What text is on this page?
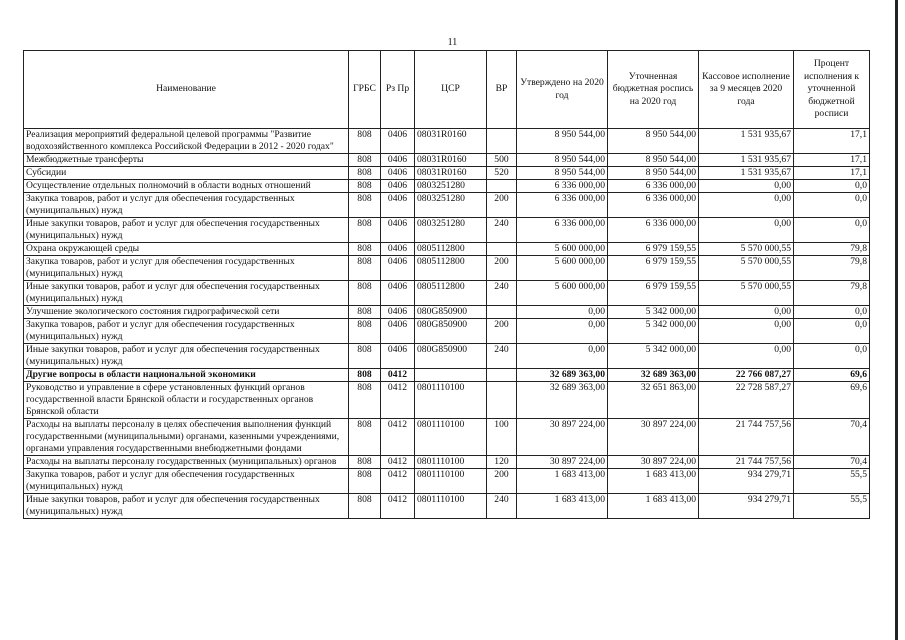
11
Наименование	ГРБС	Рз Пр	ЦСР	ВР	Утверждено на 2020 год	Уточненная бюджетная роспись на 2020 год	Кассовое исполнение за 9 месяцев 2020 года	Процент исполнения к уточненной бюджетной росписи
Реализация мероприятий федеральной целевой программы "Развитие водохозяйственного комплекса Российской Федерации в 2012 - 2020 годах"	808	0406	08031R0160		8 950 544,00	8 950 544,00	1 531 935,67	17,1
Межбюджетные трансферты	808	0406	08031R0160	500	8 950 544,00	8 950 544,00	1 531 935,67	17,1
Субсидии	808	0406	08031R0160	520	8 950 544,00	8 950 544,00	1 531 935,67	17,1
Осуществление отдельных полномочий в области водных отношений	808	0406	0803251280		6 336 000,00	6 336 000,00	0,00	0,0
Закупка товаров, работ и услуг для обеспечения государственных (муниципальных) нужд	808	0406	0803251280	200	6 336 000,00	6 336 000,00	0,00	0,0
Иные закупки товаров, работ и услуг для обеспечения государственных (муниципальных) нужд	808	0406	0803251280	240	6 336 000,00	6 336 000,00	0,00	0,0
Охрана окружающей среды	808	0406	0805112800		5 600 000,00	6 979 159,55	5 570 000,55	79,8
Закупка товаров, работ и услуг для обеспечения государственных (муниципальных) нужд	808	0406	0805112800	200	5 600 000,00	6 979 159,55	5 570 000,55	79,8
Иные закупки товаров, работ и услуг для обеспечения государственных (муниципальных) нужд	808	0406	0805112800	240	5 600 000,00	6 979 159,55	5 570 000,55	79,8
Улучшение экологического состояния гидрографической сети	808	0406	080G850900		0,00	5 342 000,00	0,00	0,0
Закупка товаров, работ и услуг для обеспечения государственных (муниципальных) нужд	808	0406	080G850900	200	0,00	5 342 000,00	0,00	0,0
Иные закупки товаров, работ и услуг для обеспечения государственных (муниципальных) нужд	808	0406	080G850900	240	0,00	5 342 000,00	0,00	0,0
Другие вопросы в области национальной экономики	808	0412			32 689 363,00	32 689 363,00	22 766 087,27	69,6
Руководство и управление в сфере установленных функций органов государственной власти Брянской области и государственных органов Брянской области	808	0412	0801110100		32 689 363,00	32 651 863,00	22 728 587,27	69,6
Расходы на выплаты персоналу в целях обеспечения выполнения функций государственными (муниципальными) органами, казенными учреждениями, органами управления государственными внебюджетными фондами	808	0412	0801110100	100	30 897 224,00	30 897 224,00	21 744 757,56	70,4
Расходы на выплаты персоналу государственных (муниципальных) органов	808	0412	0801110100	120	30 897 224,00	30 897 224,00	21 744 757,56	70,4
Закупка товаров, работ и услуг для обеспечения государственных (муниципальных) нужд	808	0412	0801110100	200	1 683 413,00	1 683 413,00	934 279,71	55,5
Иные закупки товаров, работ и услуг для обеспечения государственных (муниципальных) нужд	808	0412	0801110100	240	1 683 413,00	1 683 413,00	934 279,71	55,5
